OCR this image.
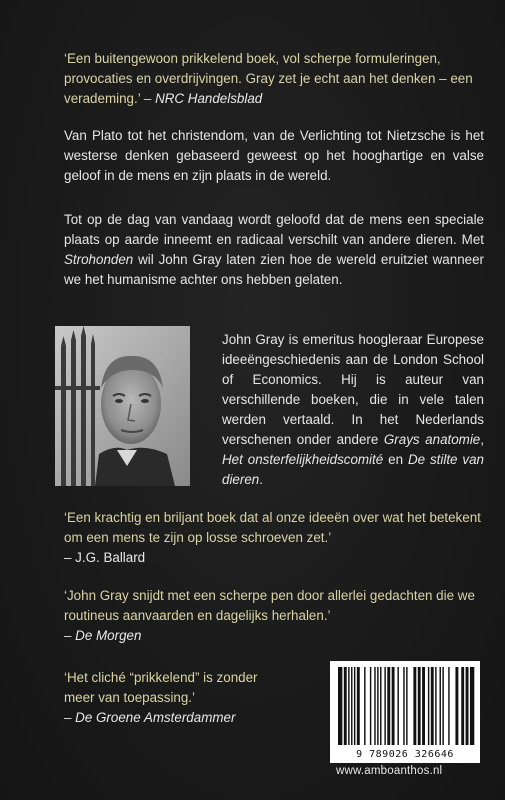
‘Een buitengewoon prikkelend boek, vol scherpe formuleringen, provocaties en overdrijvingen. Gray zet je echt aan het denken – een verademing.’ – NRC Handelsblad
Van Plato tot het christendom, van de Verlichting tot Nietzsche is het westerse denken gebaseerd geweest op het hooghartige en valse geloof in de mens en zijn plaats in de wereld.
Tot op de dag van vandaag wordt geloofd dat de mens een speciale plaats op aarde inneemt en radicaal verschilt van andere dieren. Met Strohonden wil John Gray laten zien hoe de wereld eruitziet wanneer we het humanisme achter ons hebben gelaten.
John Gray is emeritus hoogleraar Europese ideeëngeschiedenis aan de London School of Economics. Hij is auteur van verschillende boeken, die in vele talen werden vertaald. In het Nederlands verschenen onder andere Grays anatomie, Het onsterfelijkheidscomité en De stilte van dieren.
‘Een krachtig en briljant boek dat al onze ideeën over wat het betekent om een mens te zijn op losse schroeven zet.’
– J.G. Ballard
‘John Gray snijdt met een scherpe pen door allerlei gedachten die we routineus aanvaarden en dagelijks herhalen.’
– De Morgen
‘Het cliché “prikkelend” is zonder meer van toepassing.’
– De Groene Amsterdammer
9 789026 326646
www.amboanthos.nl
